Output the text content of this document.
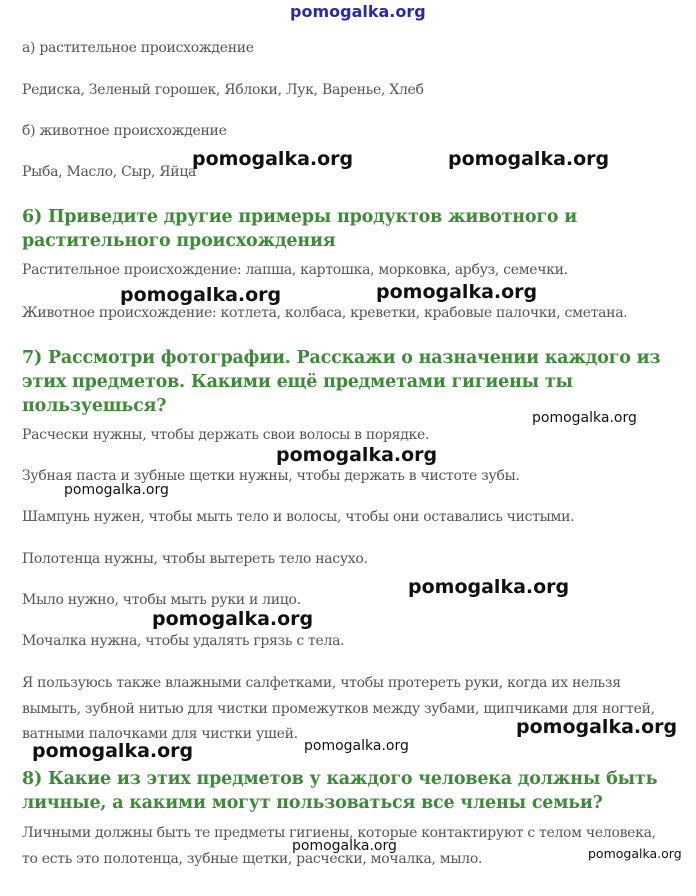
pomogalka.org

а) растительное происхождение

Редиска, Зеленый горошек, Яблоки, Лук, Варенье, Хлеб

б) животное происхождение

Рыба, Масло, Сыр, Яйца

6) Приведите другие примеры продуктов животного и
растительного происхождения

Растительное происхождение: лапша, картошка, морковка, арбуз, семечки.

Животное происхождение: котлета, колбаса, креветки, крабовые палочки, сметана.

7) Рассмотри фотографии. Расскажи о назначении каждого из
этих предметов. Какими ещё предметами гигиены ты
пользуешься?

Расчески нужны, чтобы держать свои волосы в порядке.

Зубная паста и зубные щетки нужны, чтобы держать в чистоте зубы.

Шампунь нужен, чтобы мыть тело и волосы, чтобы они оставались чистыми.

Полотенца нужны, чтобы вытереть тело насухо.

Мыло нужно, чтобы мыть руки и лицо.

Мочалка нужна, чтобы удалять грязь с тела.

Я пользуюсь также влажными салфетками, чтобы протереть руки, когда их нельзя

вымыть, зубной нитью для чистки промежутков между зубами, щипчиками для ногтей,

ватными палочками для чистки ушей.

8) Какие из этих предметов у каждого человека должны быть
личные, а какими могут пользоваться все члены семьи?

Личными должны быть те предметы гигиены, которые контактируют с телом человека,

то есть это полотенца, зубные щетки, расчески, мочалка, мыло.

pomogalka.org	pomogalka.org
pomogalka.org	pomogalka.org
pomogalka.org
pomogalka.org
pomogalka.org
pomogalka.org
pomogalka.org
pomogalka.org
pomogalka.org	pomogalka.org
pomogalka.org	pomogalka.org
